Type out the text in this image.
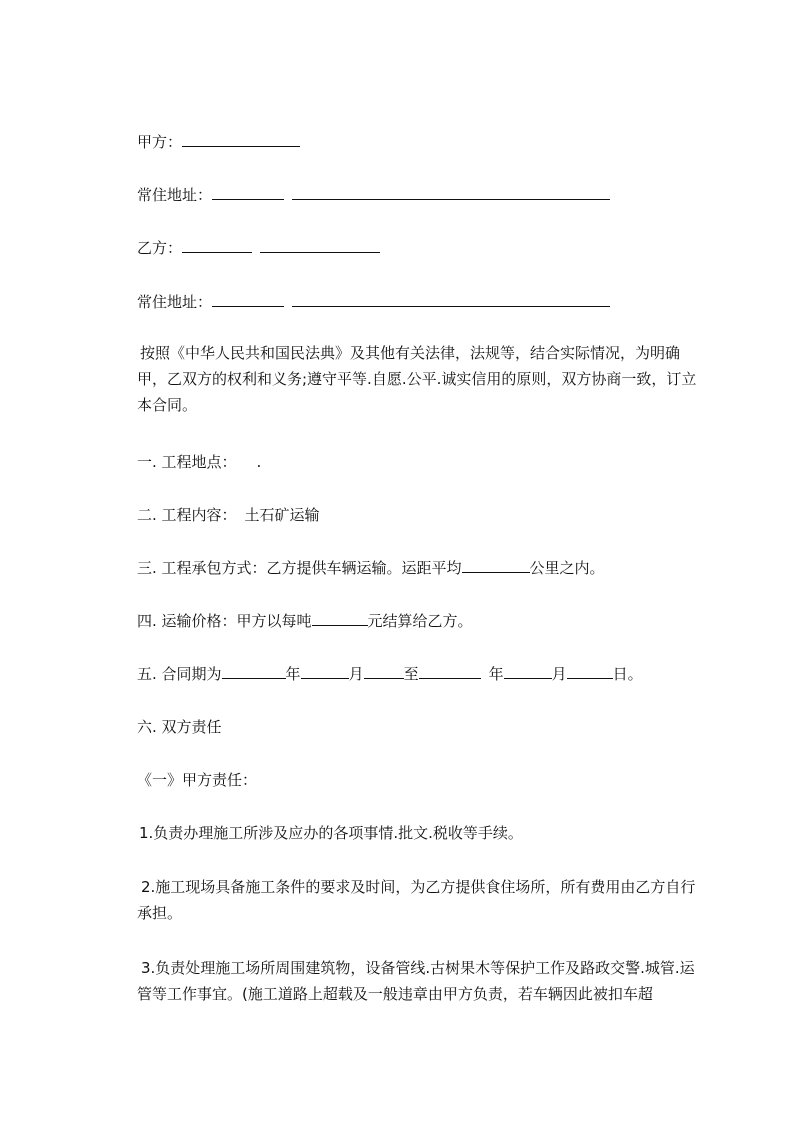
甲方：
常住地址：
乙方：
常住地址：
按照《中华人民共和国民法典》及其他有关法律，法规等，结合实际情况，为明确甲，乙双方的权利和义务;遵守平等.自愿.公平.诚实信用的原则，双方协商一致，订立本合同。
一. 工程地点： .
二. 工程内容： 土石矿运输
三. 工程承包方式：乙方提供车辆运输。运距平均	公里之内。
四. 运输价格：甲方以每吨	元结算给乙方。
五. 合同期为	年	月	至	年	月	日。
六. 双方责任
《一》甲方责任：
1.负责办理施工所涉及应办的各项事情.批文.税收等手续。
2.施工现场具备施工条件的要求及时间，为乙方提供食住场所，所有费用由乙方自行承担。
3.负责处理施工场所周围建筑物，设备管线.古树果木等保护工作及路政交警.城管.运管等工作事宜。(施工道路上超载及一般违章由甲方负责，若车辆因此被扣车超
